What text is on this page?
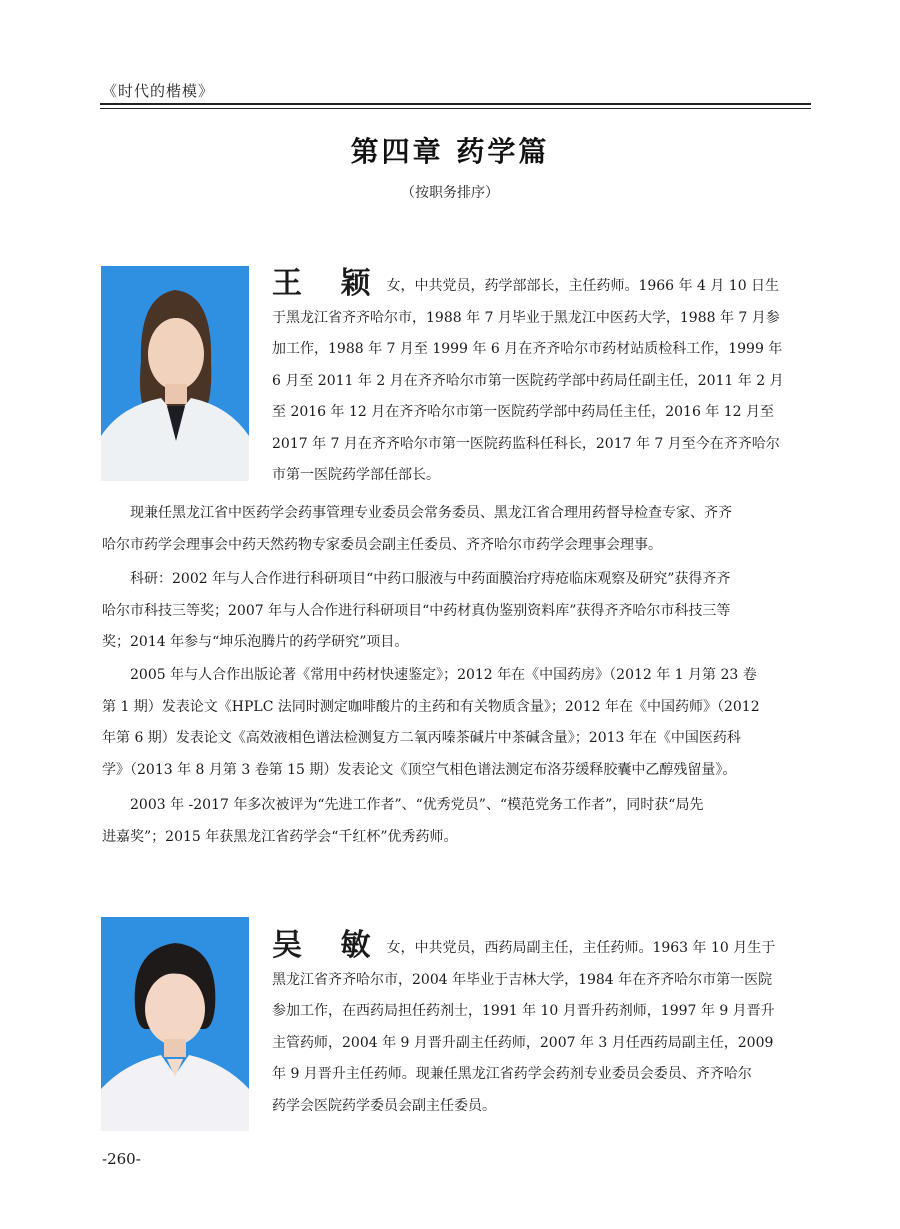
《时代的楷模》
第四章 药学篇
（按职务排序）
王 颖 女，中共党员，药学部部长，主任药师。1966 年 4 月 10 日生
于黑龙江省齐齐哈尔市，1988 年 7 月毕业于黑龙江中医药大学，1988 年 7 月参
加工作，1988 年 7 月至 1999 年 6 月在齐齐哈尔市药材站质检科工作，1999 年
6 月至 2011 年 2 月在齐齐哈尔市第一医院药学部中药局任副主任，2011 年 2 月
至 2016 年 12 月在齐齐哈尔市第一医院药学部中药局任主任，2016 年 12 月至
2017 年 7 月在齐齐哈尔市第一医院药监科任科长，2017 年 7 月至今在齐齐哈尔
市第一医院药学部任部长。
现兼任黑龙江省中医药学会药事管理专业委员会常务委员、黑龙江省合理用药督导检查专家、齐齐
哈尔市药学会理事会中药天然药物专家委员会副主任委员、齐齐哈尔市药学会理事会理事。
科研：2002 年与人合作进行科研项目“中药口服液与中药面膜治疗痔疮临床观察及研究”获得齐齐
哈尔市科技三等奖；2007 年与人合作进行科研项目“中药材真伪鉴别资料库”获得齐齐哈尔市科技三等
奖；2014 年参与“坤乐泡腾片的药学研究”项目。
2005 年与人合作出版论著《常用中药材快速鉴定》；2012 年在《中国药房》（2012 年 1 月第 23 卷
第 1 期）发表论文《HPLC 法同时测定咖啡酸片的主药和有关物质含量》；2012 年在《中国药师》（2012
年第 6 期）发表论文《高效液相色谱法检测复方二氧丙嗪茶碱片中茶碱含量》；2013 年在《中国医药科
学》（2013 年 8 月第 3 卷第 15 期）发表论文《顶空气相色谱法测定布洛芬缓释胶囊中乙醇残留量》。
2003 年 -2017 年多次被评为“先进工作者”、“优秀党员”、“模范党务工作者”，同时获“局先
进嘉奖”；2015 年获黑龙江省药学会“千红杯”优秀药师。
吴 敏 女，中共党员，西药局副主任，主任药师。1963 年 10 月生于
黑龙江省齐齐哈尔市，2004 年毕业于吉林大学，1984 年在齐齐哈尔市第一医院
参加工作，在西药局担任药剂士，1991 年 10 月晋升药剂师，1997 年 9 月晋升
主管药师，2004 年 9 月晋升副主任药师，2007 年 3 月任西药局副主任，2009
年 9 月晋升主任药师。现兼任黑龙江省药学会药剂专业委员会委员、齐齐哈尔
药学会医院药学委员会副主任委员。
-260-
